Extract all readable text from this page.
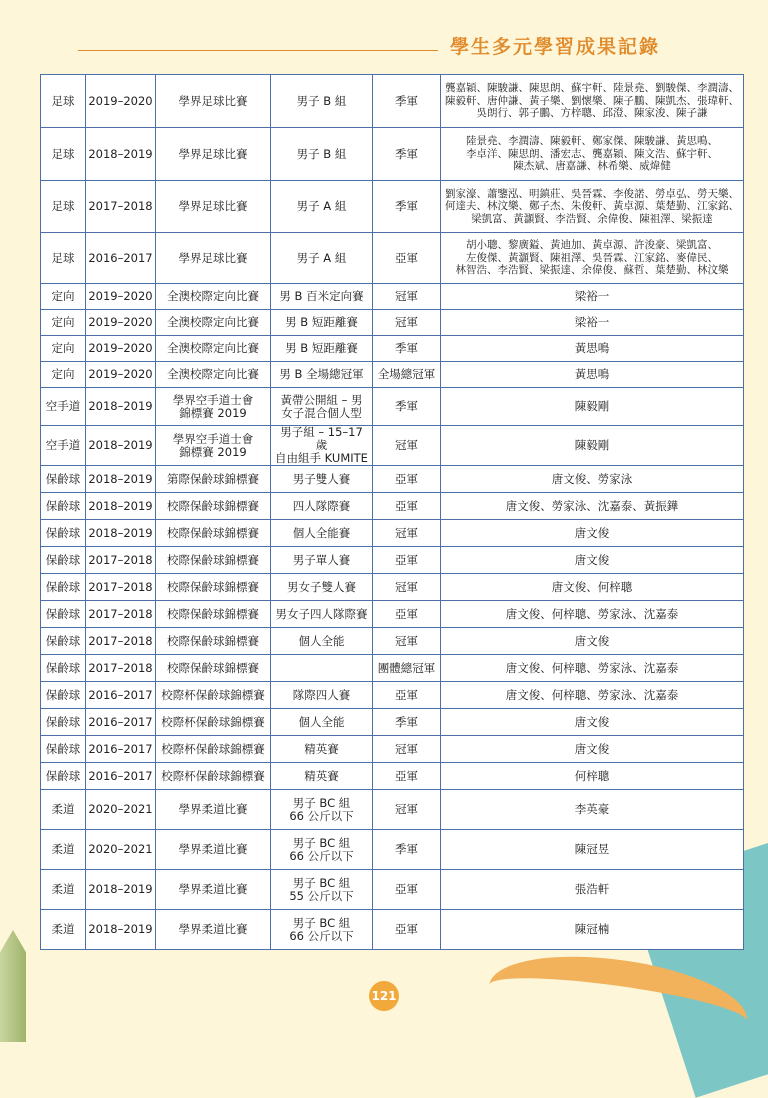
學生多元學習成果記錄
足球	2019–2020	學界足球比賽	男子 B 組	季軍	龔嘉穎、陳駿謙、陳思朗、蘇宇軒、陸景堯、劉駿傑、李潤濤、
陳毅軒、唐仲謙、黃子樂、劉懷樂、陳子鵬、陳凱杰、張瑋軒、
吳朗行、郭子鵬、方梓聰、邱澄、陳家浚、陳子謙
足球	2018–2019	學界足球比賽	男子 B 組	季軍	陸景堯、李潤濤、陳毅軒、鄭家傑、陳駿謙、黃思鳴、
李卓洋、陳思朗、潘宏志、龔嘉穎、陳文浩、蘇宇軒、
陳杰斌、唐嘉謙、林希樂、威煒健
足球	2017–2018	學界足球比賽	男子 A 組	季軍	劉家濠、蕭鑒泓、明鎮莊、吳晉霖、李俊諾、勞卓弘、勞天樂、
何達夫、林汶樂、鄭子杰、朱俊軒、黃卓源、葉楚勤、江家銘、
梁凱富、黃灝賢、李浩賢、余偉俊、陳祖澤、梁振達
足球	2016–2017	學界足球比賽	男子 A 組	亞軍	胡小聰、黎廣鎰、黃迪加、黃卓源、許浚豪、梁凱富、
左俊傑、黃灝賢、陳祖澤、吳晉霖、江家銘、麥偉民、
林智浩、李浩賢、梁振達、余偉俊、蘇哲、葉楚勤、林汶樂
定向	2019–2020	全澳校際定向比賽	男 B 百米定向賽	冠軍	梁裕一
定向	2019–2020	全澳校際定向比賽	男 B 短距離賽	冠軍	梁裕一
定向	2019–2020	全澳校際定向比賽	男 B 短距離賽	季軍	黃思鳴
定向	2019–2020	全澳校際定向比賽	男 B 全場總冠軍	全場總冠軍	黃思鳴
空手道	2018–2019	學界空手道士會
錦標賽 2019	黃帶公開組 – 男
女子混合個人型	季軍	陳毅剛
空手道	2018–2019	學界空手道士會
錦標賽 2019	男子組 – 15–17 歲
自由組手 KUMITE	冠軍	陳毅剛
保齡球	2018–2019	第際保齡球錦標賽	男子雙人賽	亞軍	唐文俊、勞家泳
保齡球	2018–2019	校際保齡球錦標賽	四人隊際賽	亞軍	唐文俊、勞家泳、沈嘉泰、黃振鏵
保齡球	2018–2019	校際保齡球錦標賽	個人全能賽	冠軍	唐文俊
保齡球	2017–2018	校際保齡球錦標賽	男子單人賽	亞軍	唐文俊
保齡球	2017–2018	校際保齡球錦標賽	男女子雙人賽	冠軍	唐文俊、何梓聰
保齡球	2017–2018	校際保齡球錦標賽	男女子四人隊際賽	亞軍	唐文俊、何梓聰、勞家泳、沈嘉泰
保齡球	2017–2018	校際保齡球錦標賽	個人全能	冠軍	唐文俊
保齡球	2017–2018	校際保齡球錦標賽		團體總冠軍	唐文俊、何梓聰、勞家泳、沈嘉泰
保齡球	2016–2017	校際杯保齡球錦標賽	隊際四人賽	亞軍	唐文俊、何梓聰、勞家泳、沈嘉泰
保齡球	2016–2017	校際杯保齡球錦標賽	個人全能	季軍	唐文俊
保齡球	2016–2017	校際杯保齡球錦標賽	精英賽	冠軍	唐文俊
保齡球	2016–2017	校際杯保齡球錦標賽	精英賽	亞軍	何梓聰
柔道	2020–2021	學界柔道比賽	男子 BC 組
66 公斤以下	冠軍	李英豪
柔道	2020–2021	學界柔道比賽	男子 BC 組
66 公斤以下	季軍	陳冠昱
柔道	2018–2019	學界柔道比賽	男子 BC 組
55 公斤以下	亞軍	張浩軒
柔道	2018–2019	學界柔道比賽	男子 BC 組
66 公斤以下	亞軍	陳冠楠
121
